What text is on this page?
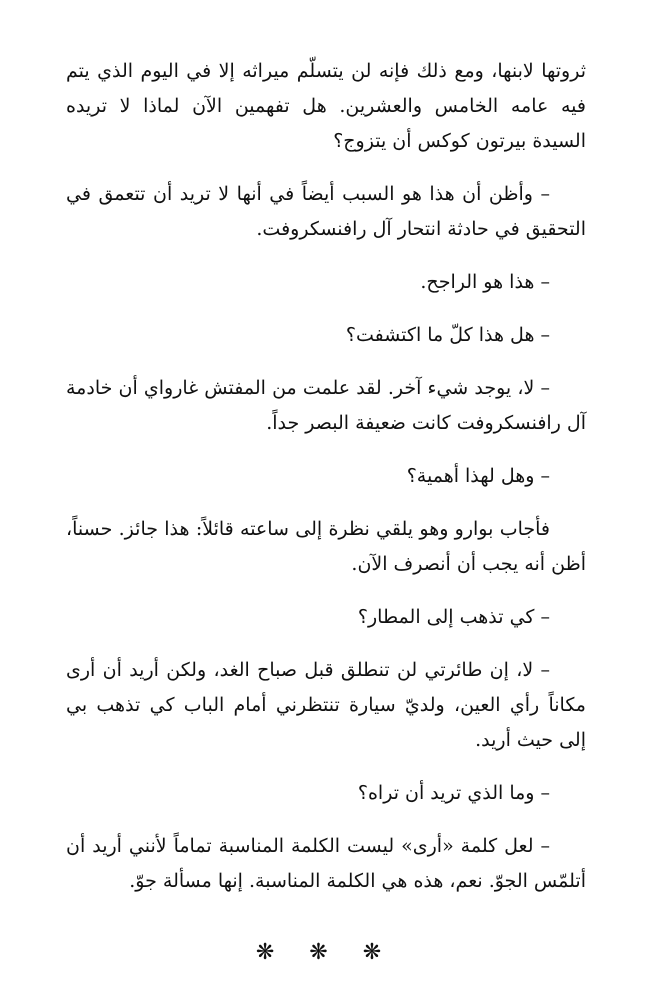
ثروتها لابنها، ومع ذلك فإنه لن يتسلّم ميراثه إلا في اليوم الذي يتم فيه عامه الخامس والعشرين. هل تفهمين الآن لماذا لا تريده السيدة بيرتون كوكس أن يتزوج؟

– وأظن أن هذا هو السبب أيضاً في أنها لا تريد أن تتعمق في التحقيق في حادثة انتحار آل رافنسكروفت.

– هذا هو الراجح.

– هل هذا كلّ ما اكتشفت؟

– لا، يوجد شيء آخر. لقد علمت من المفتش غارواي أن خادمة آل رافنسكروفت كانت ضعيفة البصر جداً.

– وهل لهذا أهمية؟

فأجاب بوارو وهو يلقي نظرة إلى ساعته قائلاً: هذا جائز. حسناً، أظن أنه يجب أن أنصرف الآن.

– كي تذهب إلى المطار؟

– لا، إن طائرتي لن تنطلق قبل صباح الغد، ولكن أريد أن أرى مكاناً رأي العين، ولديّ سيارة تنتظرني أمام الباب كي تذهب بي إلى حيث أريد.

– وما الذي تريد أن تراه؟

– لعل كلمة «أرى» ليست الكلمة المناسبة تماماً لأنني أريد أن أتلمّس الجوّ. نعم، هذه هي الكلمة المناسبة. إنها مسألة جوّ.

❋ ❋ ❋
